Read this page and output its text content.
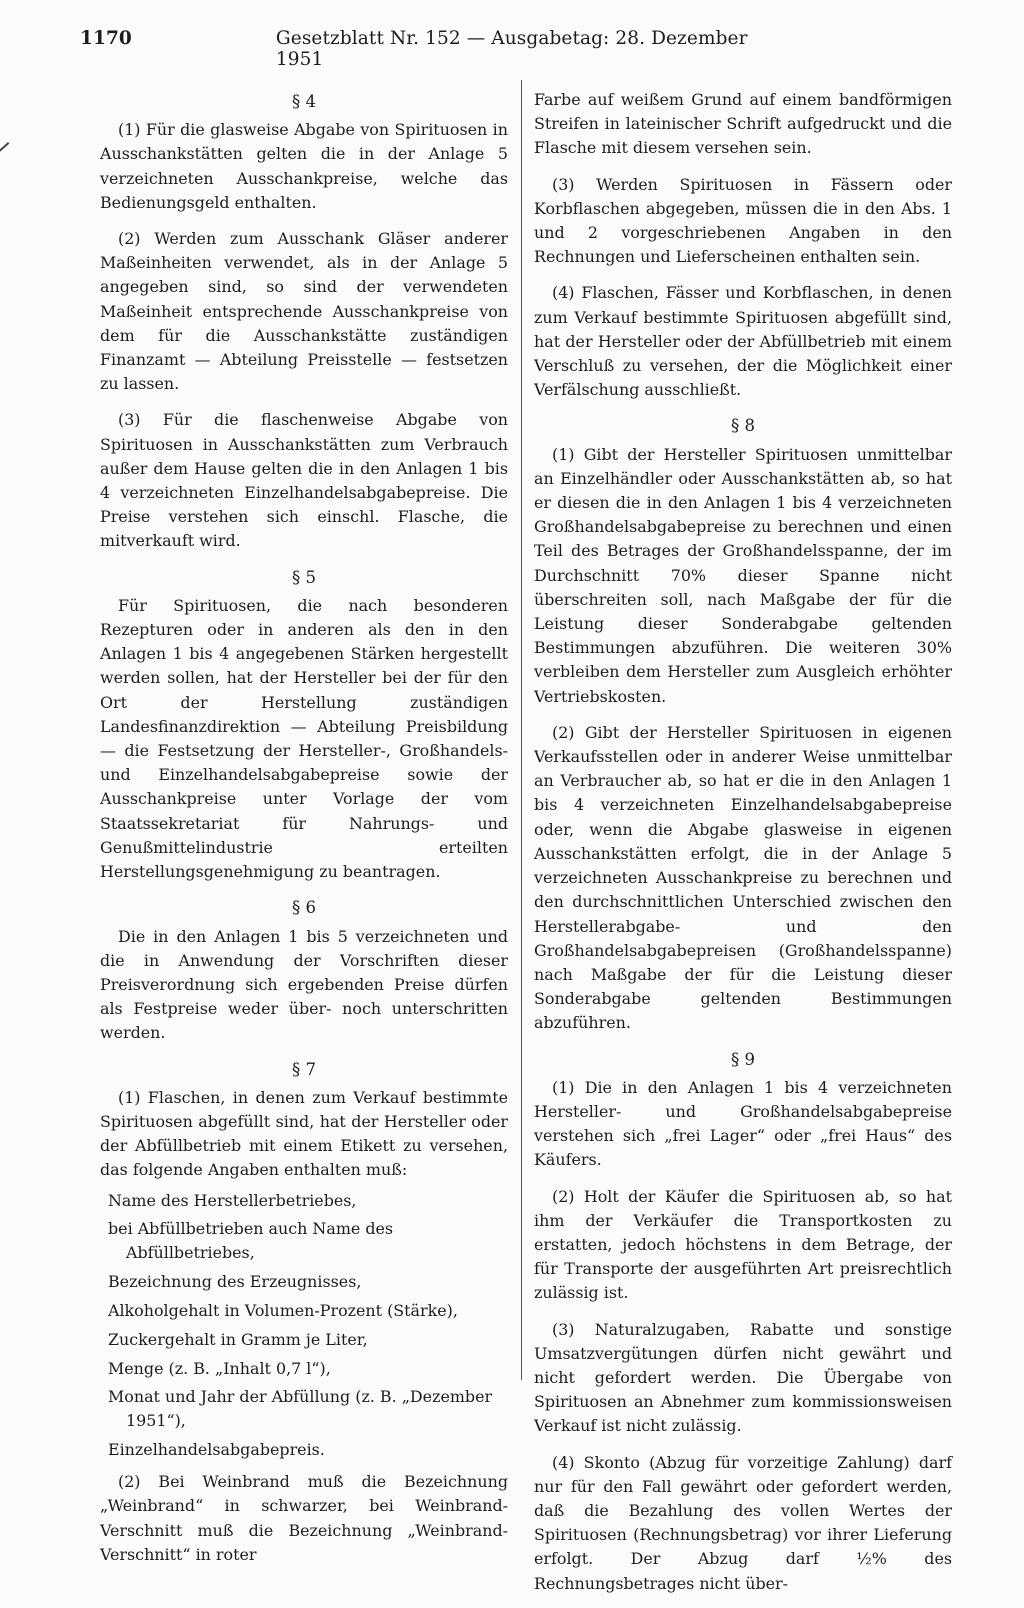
1170	Gesetzblatt Nr. 152 — Ausgabetag: 28. Dezember 1951
§ 4

(1) Für die glasweise Abgabe von Spirituosen in Ausschankstätten gelten die in der Anlage 5 verzeichneten Ausschankpreise, welche das Bedienungsgeld enthalten.

(2) Werden zum Ausschank Gläser anderer Maßeinheiten verwendet, als in der Anlage 5 angegeben sind, so sind der verwendeten Maßeinheit entsprechende Ausschankpreise von dem für die Ausschankstätte zuständigen Finanzamt — Abteilung Preisstelle — festsetzen zu lassen.

(3) Für die flaschenweise Abgabe von Spirituosen in Ausschankstätten zum Verbrauch außer dem Hause gelten die in den Anlagen 1 bis 4 verzeichneten Einzelhandelsabgabepreise. Die Preise verstehen sich einschl. Flasche, die mitverkauft wird.

§ 5

Für Spirituosen, die nach besonderen Rezepturen oder in anderen als den in den Anlagen 1 bis 4 angegebenen Stärken hergestellt werden sollen, hat der Hersteller bei der für den Ort der Herstellung zuständigen Landesfinanzdirektion — Abteilung Preisbildung — die Festsetzung der Hersteller-, Großhandels- und Einzelhandelsabgabepreise sowie der Ausschankpreise unter Vorlage der vom Staatssekretariat für Nahrungs- und Genußmittelindustrie erteilten Herstellungsgenehmigung zu beantragen.

§ 6

Die in den Anlagen 1 bis 5 verzeichneten und die in Anwendung der Vorschriften dieser Preisverordnung sich ergebenden Preise dürfen als Festpreise weder über- noch unterschritten werden.

§ 7

(1) Flaschen, in denen zum Verkauf bestimmte Spirituosen abgefüllt sind, hat der Hersteller oder der Abfüllbetrieb mit einem Etikett zu versehen, das folgende Angaben enthalten muß:

Name des Herstellerbetriebes,
bei Abfüllbetrieben auch Name des Abfüllbetriebes,
Bezeichnung des Erzeugnisses,
Alkoholgehalt in Volumen-Prozent (Stärke),
Zuckergehalt in Gramm je Liter,
Menge (z. B. „Inhalt 0,7 l“),
Monat und Jahr der Abfüllung (z. B. „Dezember 1951“),
Einzelhandelsabgabepreis.

(2) Bei Weinbrand muß die Bezeichnung „Weinbrand“ in schwarzer, bei Weinbrand-Verschnitt muß die Bezeichnung „Weinbrand-Verschnitt“ in roter

Farbe auf weißem Grund auf einem bandförmigen Streifen in lateinischer Schrift aufgedruckt und die Flasche mit diesem versehen sein.

(3) Werden Spirituosen in Fässern oder Korbflaschen abgegeben, müssen die in den Abs. 1 und 2 vorgeschriebenen Angaben in den Rechnungen und Lieferscheinen enthalten sein.

(4) Flaschen, Fässer und Korbflaschen, in denen zum Verkauf bestimmte Spirituosen abgefüllt sind, hat der Hersteller oder der Abfüllbetrieb mit einem Verschluß zu versehen, der die Möglichkeit einer Verfälschung ausschließt.

§ 8

(1) Gibt der Hersteller Spirituosen unmittelbar an Einzelhändler oder Ausschankstätten ab, so hat er diesen die in den Anlagen 1 bis 4 verzeichneten Großhandelsabgabepreise zu berechnen und einen Teil des Betrages der Großhandelsspanne, der im Durchschnitt 70% dieser Spanne nicht überschreiten soll, nach Maßgabe der für die Leistung dieser Sonderabgabe geltenden Bestimmungen abzuführen. Die weiteren 30% verbleiben dem Hersteller zum Ausgleich erhöhter Vertriebskosten.

(2) Gibt der Hersteller Spirituosen in eigenen Verkaufsstellen oder in anderer Weise unmittelbar an Verbraucher ab, so hat er die in den Anlagen 1 bis 4 verzeichneten Einzelhandelsabgabepreise oder, wenn die Abgabe glasweise in eigenen Ausschankstätten erfolgt, die in der Anlage 5 verzeichneten Ausschankpreise zu berechnen und den durchschnittlichen Unterschied zwischen den Herstellerabgabe- und den Großhandelsabgabepreisen (Großhandelsspanne) nach Maßgabe der für die Leistung dieser Sonderabgabe geltenden Bestimmungen abzuführen.

§ 9

(1) Die in den Anlagen 1 bis 4 verzeichneten Hersteller- und Großhandelsabgabepreise verstehen sich „frei Lager“ oder „frei Haus“ des Käufers.

(2) Holt der Käufer die Spirituosen ab, so hat ihm der Verkäufer die Transportkosten zu erstatten, jedoch höchstens in dem Betrage, der für Transporte der ausgeführten Art preisrechtlich zulässig ist.

(3) Naturalzugaben, Rabatte und sonstige Umsatzvergütungen dürfen nicht gewährt und nicht gefordert werden. Die Übergabe von Spirituosen an Abnehmer zum kommissionsweisen Verkauf ist nicht zulässig.

(4) Skonto (Abzug für vorzeitige Zahlung) darf nur für den Fall gewährt oder gefordert werden, daß die Bezahlung des vollen Wertes der Spirituosen (Rechnungsbetrag) vor ihrer Lieferung erfolgt. Der Abzug darf ½% des Rechnungsbetrages nicht über-
